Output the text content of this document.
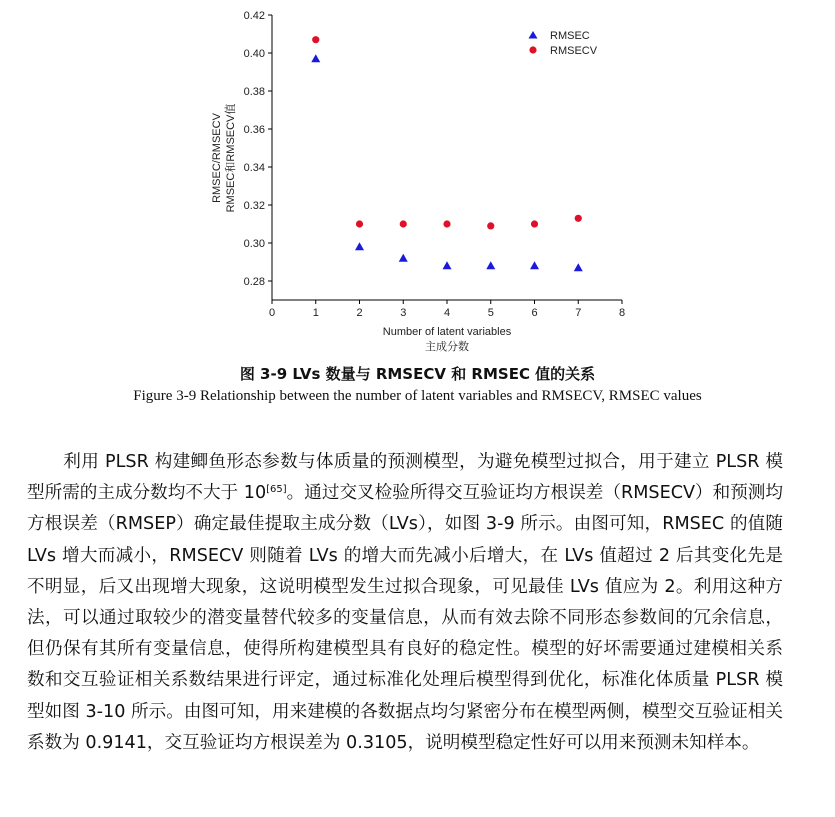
0.28
0.30
0.32
0.34
0.36
0.38
0.40
0.42
0	1	2	3	4	5	6	7	8
Number of latent variables
主成分数
RMSEC/RMSECV RMSEC和RMSECV值
RMSEC
RMSECV
图 3-9 LVs 数量与 RMSECV 和 RMSEC 值的关系
Figure 3-9 Relationship between the number of latent variables and RMSECV, RMSEC values

利用 PLSR 构建鲫鱼形态参数与体质量的预测模型，为避免模型过拟合，用于建立 PLSR 模型所需的主成分数均不大于 10[65]。通过交叉检验所得交互验证均方根误差（RMSECV）和预测均方根误差（RMSEP）确定最佳提取主成分数（LVs），如图 3-9 所示。由图可知，RMSEC 的值随 LVs 增大而减小，RMSECV 则随着 LVs 的增大而先减小后增大，在 LVs 值超过 2 后其变化先是不明显，后又出现增大现象，这说明模型发生过拟合现象，可见最佳 LVs 值应为 2。利用这种方法，可以通过取较少的潜变量替代较多的变量信息，从而有效去除不同形态参数间的冗余信息，但仍保有其所有变量信息，使得所构建模型具有良好的稳定性。模型的好坏需要通过建模相关系数和交互验证相关系数结果进行评定，通过标准化处理后模型得到优化，标准化体质量 PLSR 模型如图 3-10 所示。由图可知，用来建模的各数据点均匀紧密分布在模型两侧，模型交互验证相关系数为 0.9141，交互验证均方根误差为 0.3105，说明模型稳定性好可以用来预测未知样本。
